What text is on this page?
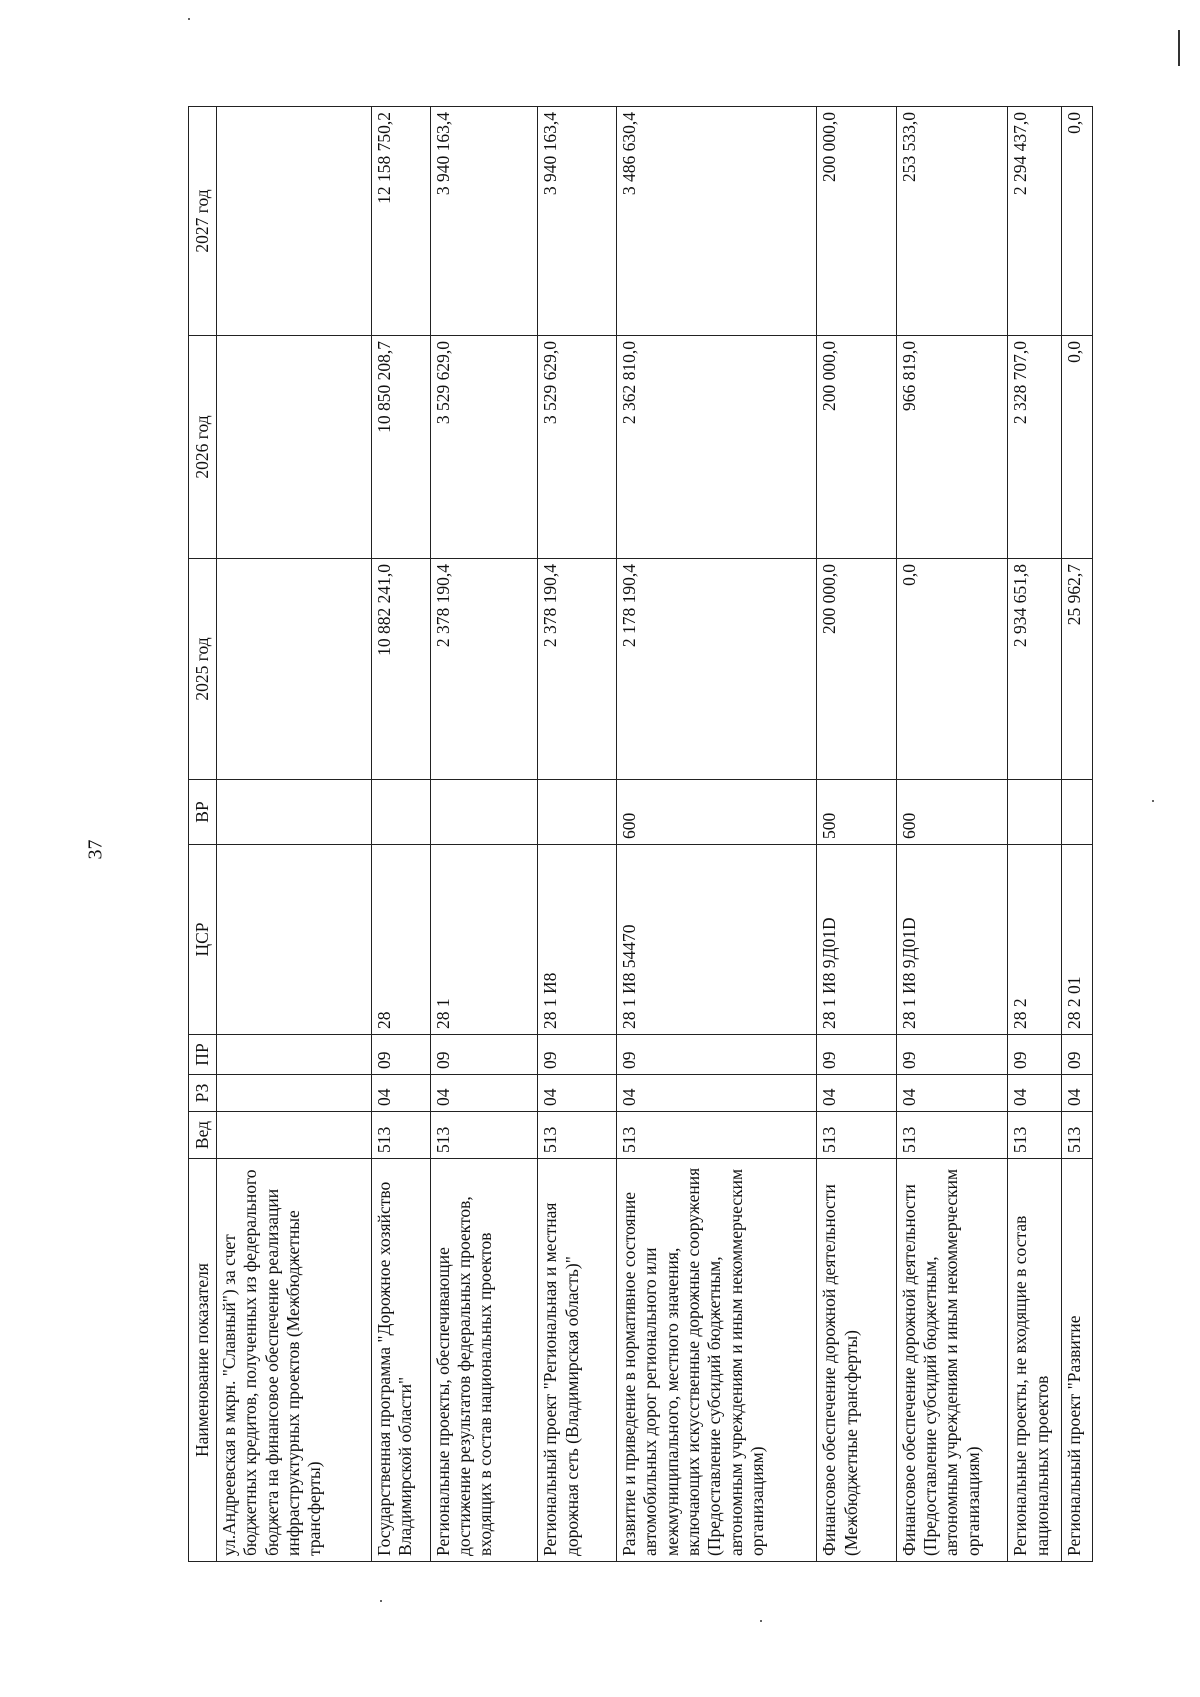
37
Наименование показателя	Вед	РЗ	ПР	ЦСР	ВР	2025 год	2026 год	2027 год
ул.Андреевская в мкрн. "Славный") за счет бюджетных кредитов, полученных из федерального бюджета на финансовое обеспечение реализации инфраструктурных проектов (Межбюджетные трансферты)								
Государственная программа "Дорожное хозяйство Владимирской области"	513	04	09	28		10 882 241,0	10 850 208,7	12 158 750,2
Региональные проекты, обеспечивающие достижение результатов федеральных проектов, входящих в состав национальных проектов	513	04	09	28 1		2 378 190,4	3 529 629,0	3 940 163,4
Региональный проект "Региональная и местная дорожная сеть (Владимирская область)"	513	04	09	28 1 И8		2 378 190,4	3 529 629,0	3 940 163,4
Развитие и приведение в нормативное состояние автомобильных дорог регионального или межмуниципального, местного значения, включающих искусственные дорожные сооружения (Предоставление субсидий бюджетным, автономным учреждениям и иным некоммерческим организациям)	513	04	09	28 1 И8 54470	600	2 178 190,4	2 362 810,0	3 486 630,4
Финансовое обеспечение дорожной деятельности (Межбюджетные трансферты)	513	04	09	28 1 И8 9Д01D	500	200 000,0	200 000,0	200 000,0
Финансовое обеспечение дорожной деятельности (Предоставление субсидий бюджетным, автономным учреждениям и иным некоммерческим организациям)	513	04	09	28 1 И8 9Д01D	600	0,0	966 819,0	253 533,0
Региональные проекты, не входящие в состав национальных проектов	513	04	09	28 2		2 934 651,8	2 328 707,0	2 294 437,0
Региональный проект "Развитие	513	04	09	28 2 01		25 962,7	0,0	0,0
